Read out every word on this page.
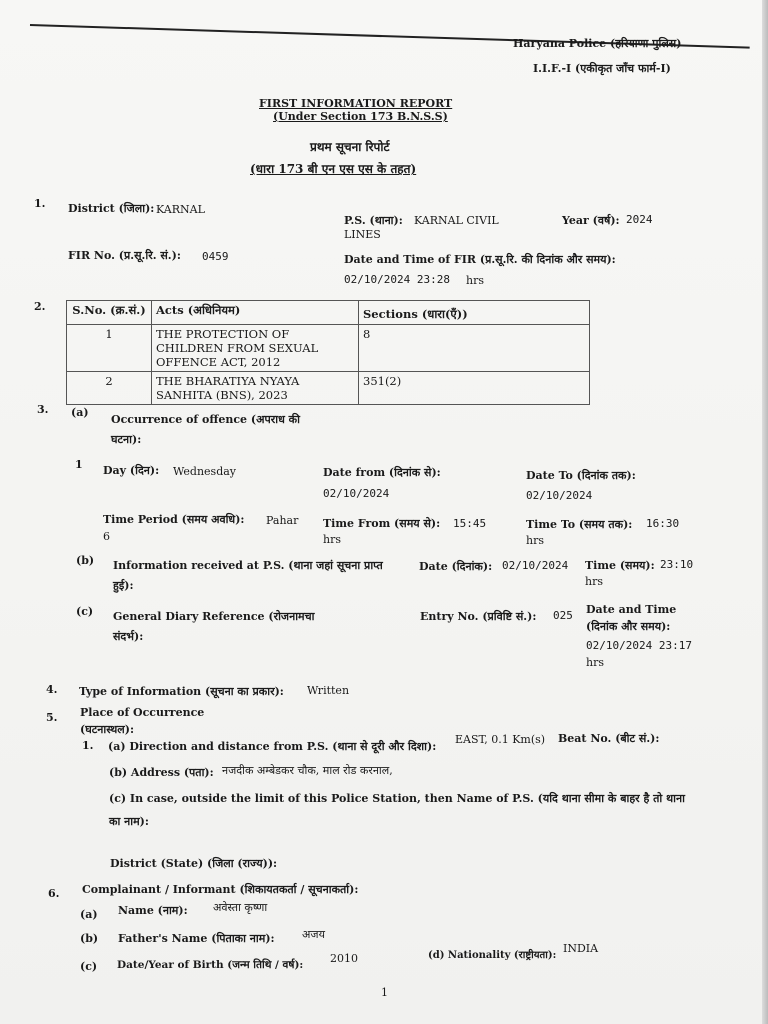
Haryana Police (हरियाणा पुलिस)
I.I.F.-I (एकीकृत जाँच फार्म-I)
FIRST INFORMATION REPORT
(Under Section 173 B.N.S.S)
प्रथम सूचना रिपोर्ट
(धारा 173 बी एन एस एस के तहत)
1. District (जिला): KARNAL
P.S. (थाना): KARNAL CIVIL
LINES
Year (वर्ष): 2024
FIR No. (प्र.सू.रि. सं.): 0459	Date and Time of FIR (प्र.सू.रि. की दिनांक और समय):
02/10/2024 23:28 hrs
2. S.No. (क्र.सं.)	Acts (अधिनियम)	Sections (धारा(एँ))
1	THE PROTECTION OF CHILDREN FROM SEXUAL OFFENCE ACT, 2012	8
2	THE BHARATIYA NYAYA SANHITA (BNS), 2023	351(2)
3. (a)
Occurrence of offence (अपराध की
घटना):
1 Day (दिन): Wednesday	Date from (दिनांक से):
02/10/2024
Date To (दिनांक तक):
02/10/2024
Time Period (समय अवधि): Pahar
6
Time From (समय से): 15:45
hrs
Time To (समय तक): 16:30
hrs
(b) Information received at P.S. (थाना जहां सूचना प्राप्त
हुई):
Date (दिनांक): 02/10/2024 Time (समय): 23:10
hrs
(c) General Diary Reference (रोजनामचा
संदर्भ):
Entry No. (प्रविष्टि सं.): 025 Date and Time
(दिनांक और समय):
02/10/2024 23:17
hrs
4. Type of Information (सूचना का प्रकार): Written
5. Place of Occurrence
(घटनास्थल):
1. (a) Direction and distance from P.S. (थाना से दूरी और दिशा):
EAST, 0.1 Km(s) Beat No. (बीट सं.):
(b) Address (पता): नजदीक अम्बेडकर चौक, माल रोड करनाल,
(c) In case, outside the limit of this Police Station, then Name of P.S. (यदि थाना सीमा के बाहर है तो थाना
का नाम):
District (State) (जिला (राज्य)):
6. Complainant / Informant (शिकायतकर्ता / सूचनाकर्ता):
(a) Name (नाम): अवेस्ता कृष्णा
(b) Father's Name (पिताका नाम): अजय
(c) Date/Year of Birth (जन्म तिथि / वर्ष): 2010	(d) Nationality (राष्ट्रीयता):
INDIA
1
